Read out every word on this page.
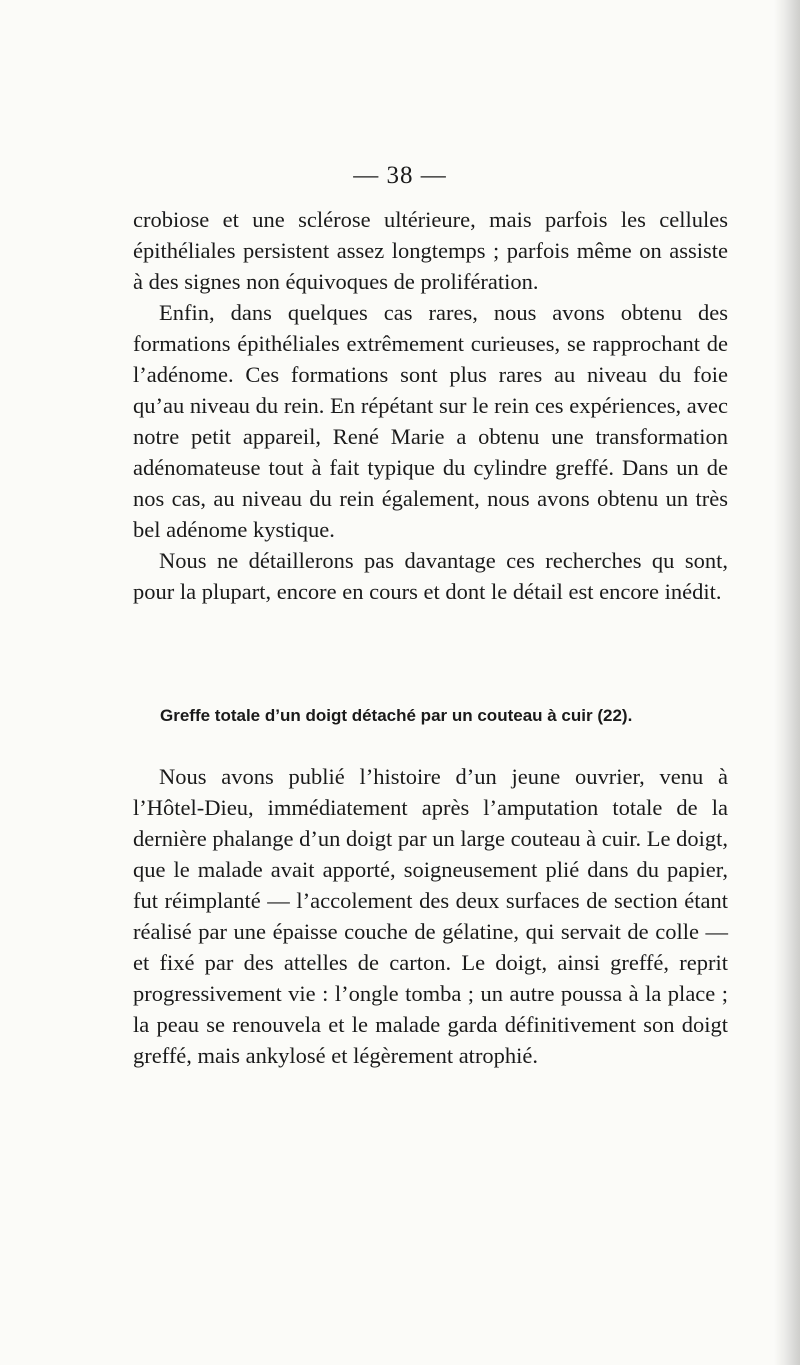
— 38 —

crobiose et une sclérose ultérieure, mais parfois les cellules épithéliales persistent assez longtemps ; parfois même on assiste à des signes non équivoques de prolifération.

Enfin, dans quelques cas rares, nous avons obtenu des formations épithéliales extrêmement curieuses, se rapprochant de l’adénome. Ces formations sont plus rares au niveau du foie qu’au niveau du rein. En répétant sur le rein ces expériences, avec notre petit appareil, René Marie a obtenu une transformation adénomateuse tout à fait typique du cylindre greffé. Dans un de nos cas, au niveau du rein également, nous avons obtenu un très bel adénome kystique.

Nous ne détaillerons pas davantage ces recherches qu sont, pour la plupart, encore en cours et dont le détail est encore inédit.

Greffe totale d’un doigt détaché par un couteau à cuir (22).

Nous avons publié l’histoire d’un jeune ouvrier, venu à l’Hôtel-Dieu, immédiatement après l’amputation totale de la dernière phalange d’un doigt par un large couteau à cuir. Le doigt, que le malade avait apporté, soigneusement plié dans du papier, fut réimplanté — l’accolement des deux surfaces de section étant réalisé par une épaisse couche de gélatine, qui servait de colle — et fixé par des attelles de carton. Le doigt, ainsi greffé, reprit progressivement vie : l’ongle tomba ; un autre poussa à la place ; la peau se renouvela et le malade garda définitivement son doigt greffé, mais ankylosé et légèrement atrophié.
